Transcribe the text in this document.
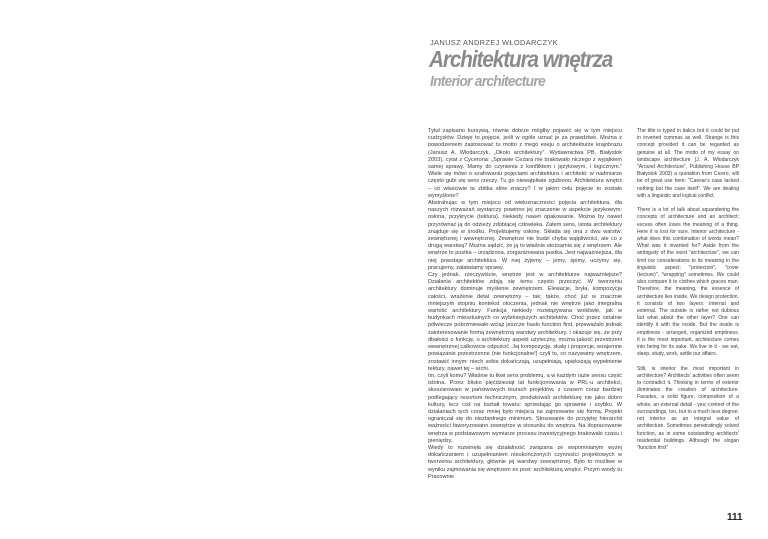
JANUSZ ANDRZEJ WŁODARCZYK
Architektura wnętrza
Interior architecture

Tytuł zapisano kursywą, równie dobrze mógłby pojawić się w tym miejscu cudzysłów. Dzieje to pojęcie, jeśli w ogóle uznać je za prawdziwe. Można z powodzeniem zastosować tu motto z mego eseju o architekturze krajobrazu (Janusz A. Włodarczyk, „Około architektury”. Wydawnictwa PB, Białystok 2003), cytat z Cycerona: „Sprawie Cezara nie brakowało niczego z wyjątkiem samej sprawy. Mamy do czynienia z konfliktem i językowym, i logicznym.” Wiele się mówi o szafowaniu pojęciami architektura i architekt: w nadmiarze często gubi się sens rzeczy. Tu go niewątpliwie zgubiono. Architektura wnętrz – co właściwie ta zbitka słów znaczy? I w jakim celu pojęcie to zostało wymyślone?

Abstrahując w tym miejscu od wieloznaczności pojęcia architektura, dla naszych rozważań wystarczy powinno jej znaczenie w aspekcie językowym: osłona, przykrycie (tektura), niekiedy nawet opakowanie. Można by nawet przyrównać ją do odzieży zdobiącej człowieka. Zatem sens, istota architektury znajduje się w środku. Projektujemy osłonę. Składa się ona z dwu warstw: zewnętrznej i wewnętrznej. Zewnętrze nie budzi chyba wątpliwości, ale co z drugą warstwą? Można sądzić, że ją to właśnie utożsamia się z wnętrzem. Ale wnętrze to pustka – urządzona, zorganizowana pustka. Jest najważniejsza, dla niej powstaje architektura. W niej żyjemy – jemy, śpimy, uczymy się, pracujemy, załatwiamy sprawy.

Czy jednak, rzeczywiście, wnętrze jest w architekturze najważniejsze? Działania architektów zdają się temu często przeczyć. W tworzeniu architektury dominuje myślenie zewnętrzem. Elewacje, bryła, kompozycja całości, wrażenie detal zewnętrzny – tak; także, choć już w znacznie mniejszym stopniu kontekst otoczenia, jednak nie wnętrze jako integralna wartość architektury. Funkcja niekiedy rozwiązywana wnikliwie, jak w budynkach mieszkalnych co wybitniejszych architektów. Choć przez ostatnie półwiecze pobrzmiewało wciąż jeszcze hasło function first, przeważało jednak zainteresowanie formą zewnętrzną warstwy architektury. I okazuje się, że przy dbałości o funkcję, o architektury aspekt użyteczny, można jakość przestrzeni wewnętrznej całkowicie odpuścić. Jej kompozycję, skalę i proporcje, wzajemne powiązanie przestrzenne (nie funkcjonalne!) czyli to, co nazywamy wnętrzem, zostawić innym: niech sobie dokańczają, uzupełniają, upiększają wypełnienie tektury, nawet tej – archi.

Im, czyli komu? Właśnie tu tkwi sens problemu, a w każdym razie sensu część istotna. Przez blisko pięćdziesiąt lat funkcjonowania w PRL-u architekci, skoszarowani w państwowych biurach projektów, z czasem coraz bardziej podlegający resortom technicznym, produkowali architekturę nie jako dobro kultury, lecz coś na kształt towaru: sprzedając go sprawnie i szybko. W działaniach tych coraz mniej było miejsca na zajmowanie się formą. Projekt ograniczał się do niezbędnego minimum. Stosowanie do przyjętej hierarchii ważności faworyzowano zewnętrze w stosunku do wnętrza. Na dopracowanie wnętrza w podstawowym wymiarze procesu inwestycyjnego brakowało czasu i pieniędzy.

Wiedy to rozwinęła się działalność związana ze wspomnianym wyżej dokańczaniem i uzupełnianiem nieukończonych czynności projektowych w tworzeniu architektury, głównie jej warstwy zewnętrznej. Było to możliwe w wyniku zajmowania się wnętrzem ex post: architekturą wnętrz. Przym wiody tu Pracownie

The title is typed in italics but it could be put in inverted commas as well. Strange is this concept provided it can be regarded as genuine at all. The motto of my essay on landscape architecture (J. A. Włodarczyk "Around Architecture", Publishing House BP Białystok 2003) a quotation from Cicero, will be of great use here: "Caesar's case lacked nothing but the case itself". We are dealing with a linguistic and logical conflict.

There is a lot of talk about squandering the concepts of architecture and an architect; excess often loses the meaning of a thing. Here it is lost for sure. Interior architecture - what does this combination of words mean? What was it invented for? Aside from the ambiguity of the word "architecture", we can limit our considerations to its meaning in the linguistic aspect: "protection", "cover (tecture)", "wrapping" sometimes. We could also compare it to clothes which graces man. Therefore, the meaning, the essence of architecture lies inside. We design protection. It consists of two layers: internal and external. The outside is rather not dubious but what about the other layer? One can identify it with the inside. But the inside is emptiness - arranged, organized emptiness. It is the most important, architecture comes into being for its sake. We live in it - we eat, sleep, study, work, settle our affairs.

Still, is interior the most important in architecture? Architects' activities often seem to contradict it. Thinking in terms of exterior dominates the creation of architecture. Facades, a solid figure, composition of a whole, an external detail - yes; context of the surroundings, too, but to a much less degree; not interior as an integral value of architecture. Sometimes penetratingly solved function, as in some outstanding architects' residential buildings. Although the slogan "function first"

111
